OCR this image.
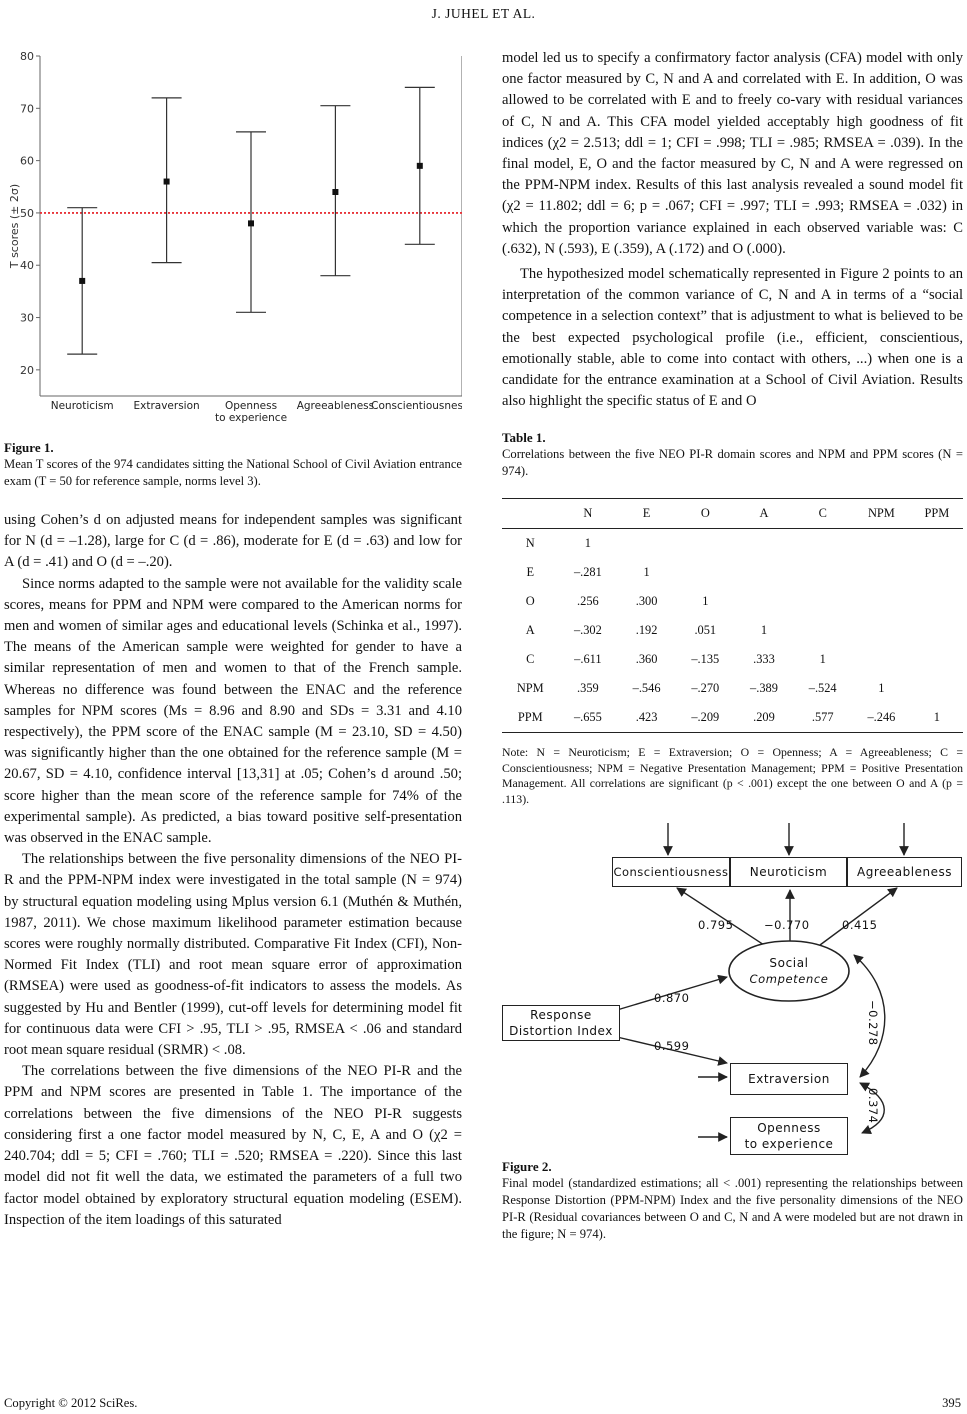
J. JUHEL ET AL.
20
30
40
50
60
70
80
T scores (± 2σ)
Neuroticism Extraversion Openness
to experience
Agreeableness
Conscientiousness
Figure 1.
Mean T scores of the 974 candidates sitting the National School of Civil Aviation entrance exam (T = 50 for reference sample, norms level 3).

using Cohen’s d on adjusted means for independent samples was significant for N (d = –1.28), large for C (d = .86), moderate for E (d = .63) and low for A (d = .41) and O (d = –.20).

Since norms adapted to the sample were not available for the validity scale scores, means for PPM and NPM were compared to the American norms for men and women of similar ages and educational levels (Schinka et al., 1997). The means of the American sample were weighted for gender to have a similar representation of men and women to that of the French sample. Whereas no difference was found between the ENAC and the reference samples for NPM scores (Ms = 8.96 and 8.90 and SDs = 3.31 and 4.10 respectively), the PPM score of the ENAC sample (M = 23.10, SD = 4.50) was significantly higher than the one obtained for the reference sample (M = 20.67, SD = 4.10, confidence interval [13,31] at .05; Cohen’s d around .50; score higher than the mean score of the reference sample for 74% of the experimental sample). As predicted, a bias toward positive self-presentation was observed in the ENAC sample.

The relationships between the five personality dimensions of the NEO PI-R and the PPM-NPM index were investigated in the total sample (N = 974) by structural equation modeling using Mplus version 6.1 (Muthén & Muthén, 1987, 2011). We chose maximum likelihood parameter estimation because scores were roughly normally distributed. Comparative Fit Index (CFI), Non-Normed Fit Index (TLI) and root mean square error of approximation (RMSEA) were used as goodness-of-fit indicators to assess the models. As suggested by Hu and Bentler (1999), cut-off levels for determining model fit for continuous data were CFI > .95, TLI > .95, RMSEA < .06 and standard root mean square residual (SRMR) < .08.

The correlations between the five dimensions of the NEO PI-R and the PPM and NPM scores are presented in Table 1. The importance of the correlations between the five dimensions of the NEO PI-R suggests considering first a one factor model measured by N, C, E, A and O (χ2 = 240.704; ddl = 5; CFI = .760; TLI = .520; RMSEA = .220). Since this last model did not fit well the data, we estimated the parameters of a full two factor model obtained by exploratory structural equation modeling (ESEM). Inspection of the item loadings of this saturated

model led us to specify a confirmatory factor analysis (CFA) model with only one factor measured by C, N and A and correlated with E. In addition, O was allowed to be correlated with E and to freely co-vary with residual variances of C, N and A. This CFA model yielded acceptably high goodness of fit indices (χ2 = 2.513; ddl = 1; CFI = .998; TLI = .985; RMSEA = .039). In the final model, E, O and the factor measured by C, N and A were regressed on the PPM-NPM index. Results of this last analysis revealed a sound model fit (χ2 = 11.802; ddl = 6; p = .067; CFI = .997; TLI = .993; RMSEA = .032) in which the proportion variance explained in each observed variable was: C (.632), N (.593), E (.359), A (.172) and O (.000).

The hypothesized model schematically represented in Figure 2 points to an interpretation of the common variance of C, N and A in terms of a “social competence in a selection context” that is adjustment to what is believed to be the best expected psychological profile (i.e., efficient, conscientious, emotionally stable, able to come into contact with others, ...) when one is a candidate for the entrance examination at a School of Civil Aviation. Results also highlight the specific status of E and O

Table 1.
Correlations between the five NEO PI-R domain scores and NPM and PPM scores (N = 974).
	N	E	O	A	C	NPM	PPM
N	1						
E	–.281	1					
O	.256	.300	1				
A	–.302	.192	.051	1			
C	–.611	.360	–.135	.333	1		
NPM	.359	–.546	–.270	–.389	–.524	1	
PPM	–.655	.423	–.209	.209	.577	–.246	1
Note: N = Neuroticism; E = Extraversion; O = Openness; A = Agreeableness; C = Conscientiousness; NPM = Negative Presentation Management; PPM = Positive Presentation Management. All correlations are significant (p < .001) except the one between O and A (p = .113).
Conscientiousness	Neuroticism	Agreeableness
0.795	−0.770	0.415
Social
Competence
Response
Distortion Index
0.870
0.599
Extraversion
Openness
to experience
−0.278
0.374
Figure 2.
Final model (standardized estimations; all < .001) representing the relationships between Response Distortion (PPM-NPM) Index and the five personality dimensions of the NEO PI-R (Residual covariances between O and C, N and A were modeled but are not drawn in the figure; N = 974).
Copyright © 2012 SciRes.	395
